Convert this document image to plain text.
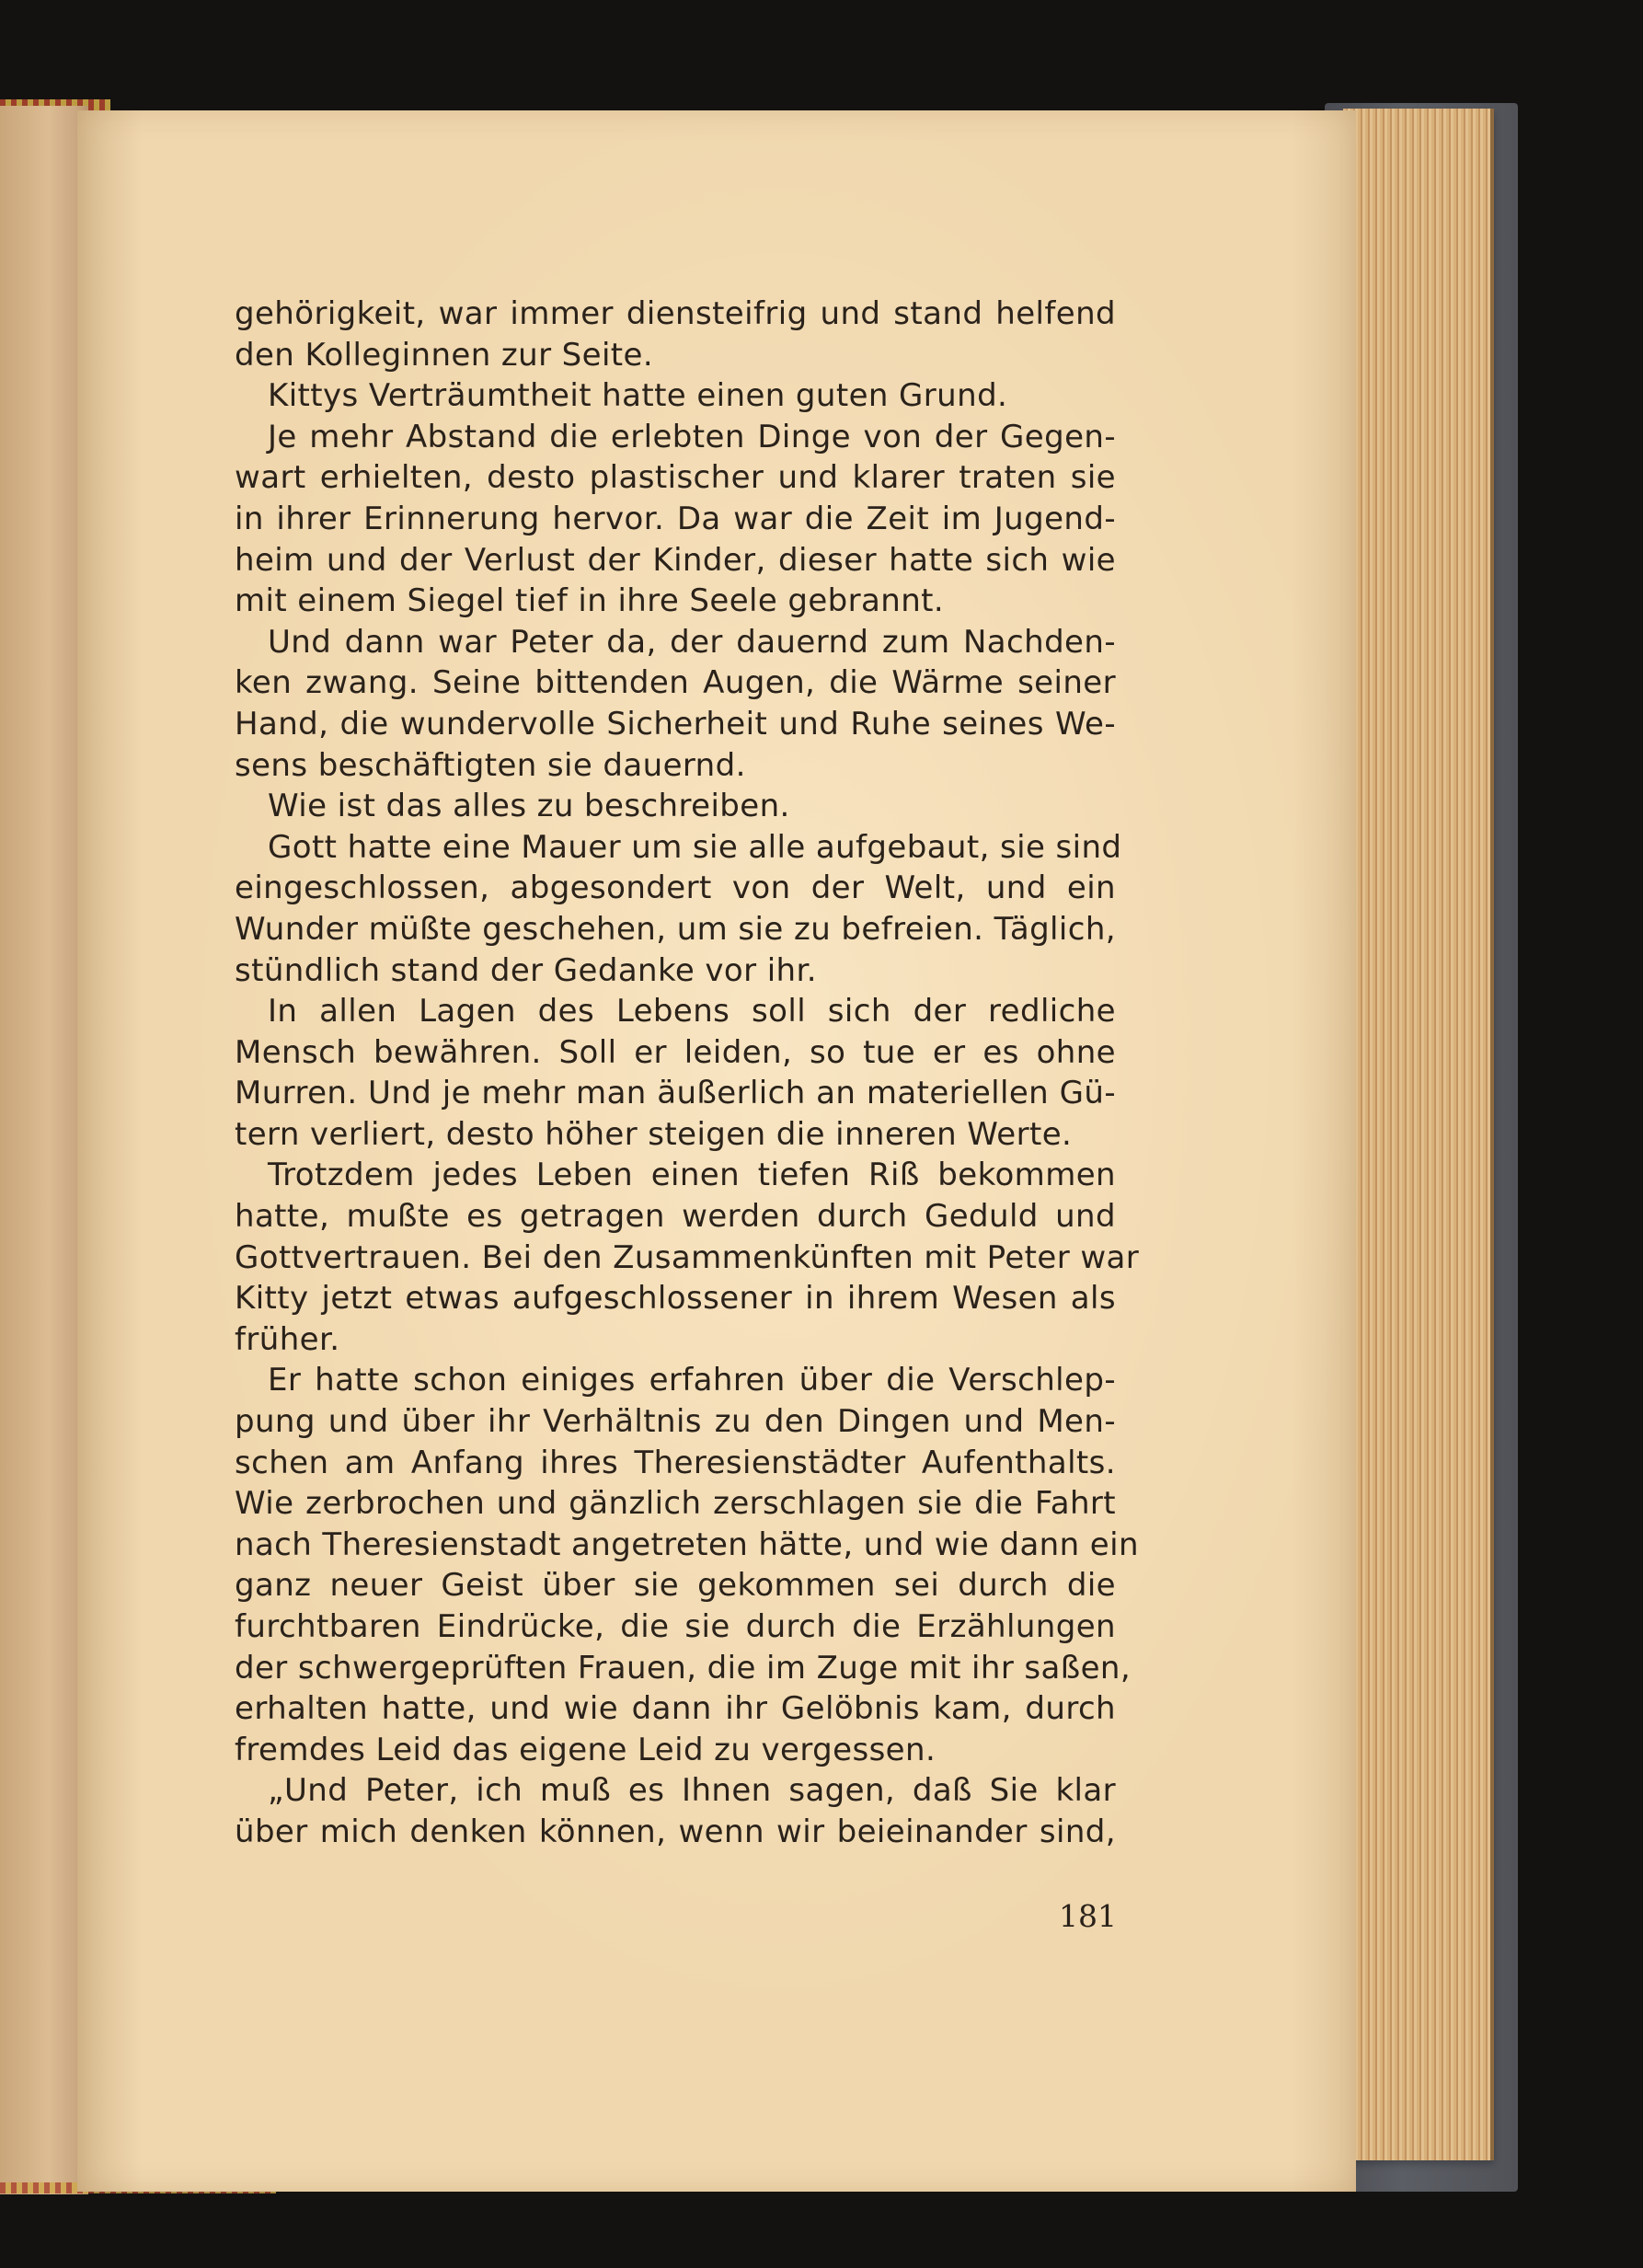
gehörigkeit, war immer diensteifrig und stand helfend
den Kolleginnen zur Seite.
Kittys Verträumtheit hatte einen guten Grund.
Je mehr Abstand die erlebten Dinge von der Gegen-
wart erhielten, desto plastischer und klarer traten sie
in ihrer Erinnerung hervor. Da war die Zeit im Jugend-
heim und der Verlust der Kinder, dieser hatte sich wie
mit einem Siegel tief in ihre Seele gebrannt.
Und dann war Peter da, der dauernd zum Nachden-
ken zwang. Seine bittenden Augen, die Wärme seiner
Hand, die wundervolle Sicherheit und Ruhe seines We-
sens beschäftigten sie dauernd.
Wie ist das alles zu beschreiben.
Gott hatte eine Mauer um sie alle aufgebaut, sie sind
eingeschlossen, abgesondert von der Welt, und ein
Wunder müßte geschehen, um sie zu befreien. Täglich,
stündlich stand der Gedanke vor ihr.
In allen Lagen des Lebens soll sich der redliche
Mensch bewähren. Soll er leiden, so tue er es ohne
Murren. Und je mehr man äußerlich an materiellen Gü-
tern verliert, desto höher steigen die inneren Werte.
Trotzdem jedes Leben einen tiefen Riß bekommen
hatte, mußte es getragen werden durch Geduld und
Gottvertrauen. Bei den Zusammenkünften mit Peter war
Kitty jetzt etwas aufgeschlossener in ihrem Wesen als
früher.
Er hatte schon einiges erfahren über die Verschlep-
pung und über ihr Verhältnis zu den Dingen und Men-
schen am Anfang ihres Theresienstädter Aufenthalts.
Wie zerbrochen und gänzlich zerschlagen sie die Fahrt
nach Theresienstadt angetreten hätte, und wie dann ein
ganz neuer Geist über sie gekommen sei durch die
furchtbaren Eindrücke, die sie durch die Erzählungen
der schwergeprüften Frauen, die im Zuge mit ihr saßen,
erhalten hatte, und wie dann ihr Gelöbnis kam, durch
fremdes Leid das eigene Leid zu vergessen.
„Und Peter, ich muß es Ihnen sagen, daß Sie klar
über mich denken können, wenn wir beieinander sind,
181
